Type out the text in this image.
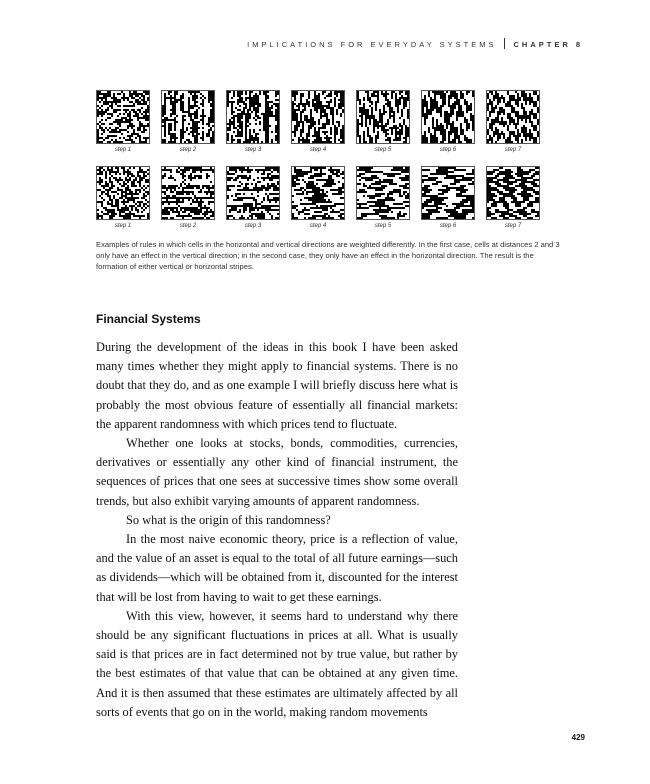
IMPLICATIONS FOR EVERYDAY SYSTEMS CHAPTER 8
step 1	step 2	step 3	step 4	step 5	step 6	step 7
step 1	step 2	step 3	step 4	step 5	step 6	step 7
Examples of rules in which cells in the horizontal and vertical directions are weighted differently. In the first case, cells at distances 2 and 3 only have an effect in the vertical direction; in the second case, they only have an effect in the horizontal direction. The result is the formation of either vertical or horizontal stripes.
Financial Systems

During the development of the ideas in this book I have been asked many times whether they might apply to financial systems. There is no doubt that they do, and as one example I will briefly discuss here what is probably the most obvious feature of essentially all financial markets: the apparent randomness with which prices tend to fluctuate.

Whether one looks at stocks, bonds, commodities, currencies, derivatives or essentially any other kind of financial instrument, the sequences of prices that one sees at successive times show some overall trends, but also exhibit varying amounts of apparent randomness.

So what is the origin of this randomness?

In the most naive economic theory, price is a reflection of value, and the value of an asset is equal to the total of all future earnings—such as dividends—which will be obtained from it, discounted for the interest that will be lost from having to wait to get these earnings.

With this view, however, it seems hard to understand why there should be any significant fluctuations in prices at all. What is usually said is that prices are in fact determined not by true value, but rather by the best estimates of that value that can be obtained at any given time. And it is then assumed that these estimates are ultimately affected by all sorts of events that go on in the world, making random movements

429
